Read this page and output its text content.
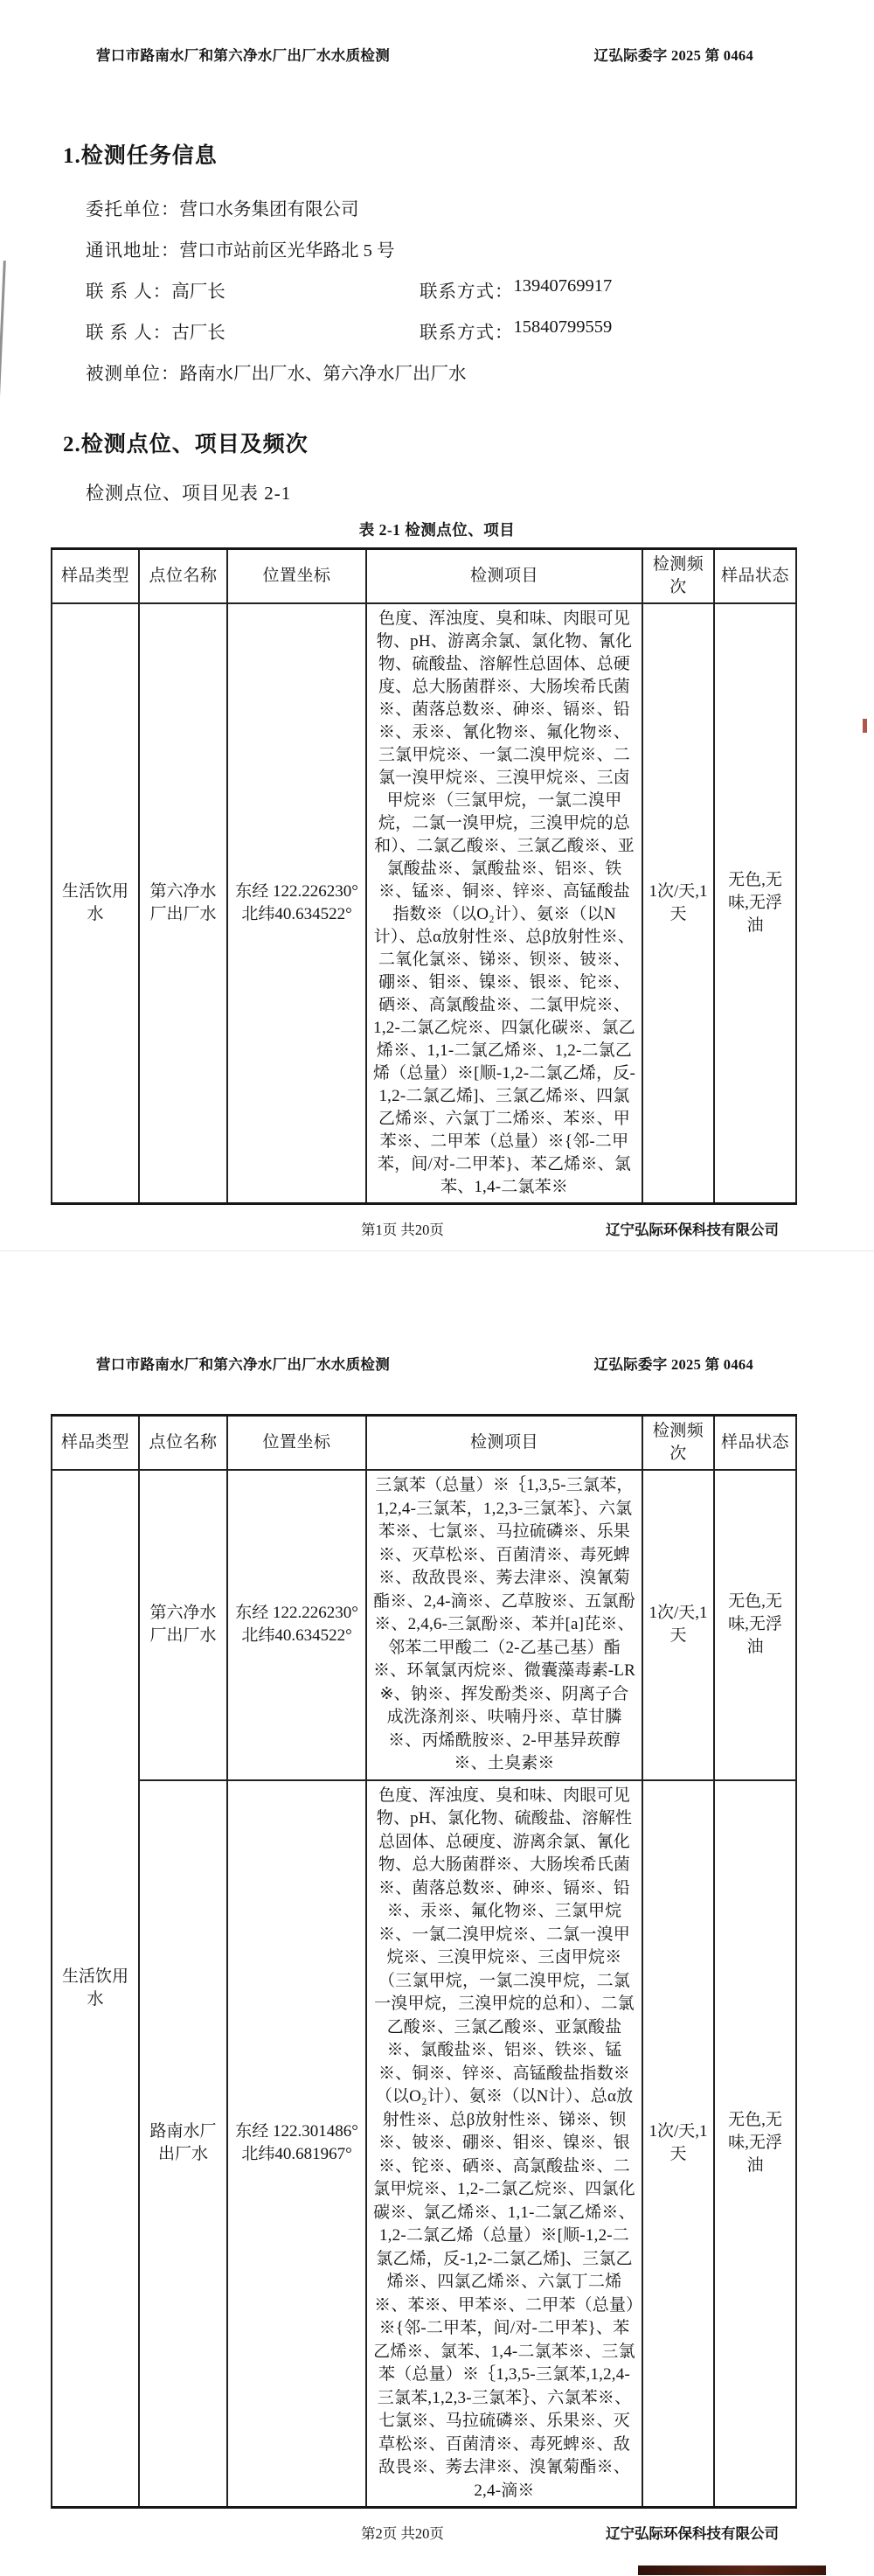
营口市路南水厂和第六净水厂出厂水水质检测	辽弘际委字 2025 第 0464
1.检测任务信息
委托单位： 营口水务集团有限公司
通讯地址： 营口市站前区光华路北 5 号
联 系 人： 高厂长	联系方式： 13940769917
联 系 人： 古厂长	联系方式： 15840799559
被测单位： 路南水厂出厂水、第六净水厂出厂水
2.检测点位、项目及频次
检测点位、项目见表 2-1
表 2-1 检测点位、项目
样品类型	点位名称	位置坐标	检测项目	检测频次	样品状态
生活饮用水	第六净水厂出厂水	东经 122.226230°
北纬40.634522°	色度、浑浊度、臭和味、肉眼可见物、pH、游离余氯、氯化物、氰化物、硫酸盐、溶解性总固体、总硬度、总大肠菌群※、大肠埃希氏菌※、菌落总数※、砷※、镉※、铅※、汞※、氰化物※、氟化物※、三氯甲烷※、一氯二溴甲烷※、二氯一溴甲烷※、三溴甲烷※、三卤甲烷※（三氯甲烷，一氯二溴甲烷，二氯一溴甲烷，三溴甲烷的总和）、二氯乙酸※、三氯乙酸※、亚氯酸盐※、氯酸盐※、铝※、铁※、锰※、铜※、锌※、高锰酸盐指数※（以O₂计）、氨※（以N计）、总α放射性※、总β放射性※、二氧化氯※、锑※、钡※、铍※、硼※、钼※、镍※、银※、铊※、硒※、高氯酸盐※、二氯甲烷※、1,2-二氯乙烷※、四氯化碳※、氯乙烯※、1,1-二氯乙烯※、1,2-二氯乙烯（总量）※[顺-1,2-二氯乙烯，反-1,2-二氯乙烯]、三氯乙烯※、四氯乙烯※、六氯丁二烯※、苯※、甲苯※、二甲苯（总量）※{邻-二甲苯，间/对-二甲苯}、苯乙烯※、氯苯、1,4-二氯苯※	1次/天,1天	无色,无味,无浮油
第1页 共20页	辽宁弘际环保科技有限公司
营口市路南水厂和第六净水厂出厂水水质检测	辽弘际委字 2025 第 0464
样品类型	点位名称	位置坐标	检测项目	检测频次	样品状态
生活饮用水	第六净水厂出厂水	东经 122.226230°
北纬40.634522°	三氯苯（总量）※｛1,3,5-三氯苯，1,2,4-三氯苯，1,2,3-三氯苯｝、六氯苯※、七氯※、马拉硫磷※、乐果※、灭草松※、百菌清※、毒死蜱※、敌敌畏※、莠去津※、溴氰菊酯※、2,4-滴※、乙草胺※、五氯酚※、2,4,6-三氯酚※、苯并[a]芘※、邻苯二甲酸二（2-乙基己基）酯※、环氧氯丙烷※、微囊藻毒素-LR※、钠※、挥发酚类※、阴离子合成洗涤剂※、呋喃丹※、草甘膦※、丙烯酰胺※、2-甲基异莰醇※、土臭素※	1次/天,1天	无色,无味,无浮油
	路南水厂出厂水	东经 122.301486°
北纬40.681967°	色度、浑浊度、臭和味、肉眼可见物、pH、氯化物、硫酸盐、溶解性总固体、总硬度、游离余氯、氰化物、总大肠菌群※、大肠埃希氏菌※、菌落总数※、砷※、镉※、铅※、汞※、氟化物※、三氯甲烷※、一氯二溴甲烷※、二氯一溴甲烷※、三溴甲烷※、三卤甲烷※（三氯甲烷，一氯二溴甲烷，二氯一溴甲烷，三溴甲烷的总和）、二氯乙酸※、三氯乙酸※、亚氯酸盐※、氯酸盐※、铝※、铁※、锰※、铜※、锌※、高锰酸盐指数※（以O₂计）、氨※（以N计）、总α放射性※、总β放射性※、锑※、钡※、铍※、硼※、钼※、镍※、银※、铊※、硒※、高氯酸盐※、二氯甲烷※、1,2-二氯乙烷※、四氯化碳※、氯乙烯※、1,1-二氯乙烯※、1,2-二氯乙烯（总量）※[顺-1,2-二氯乙烯，反-1,2-二氯乙烯]、三氯乙烯※、四氯乙烯※、六氯丁二烯※、苯※、甲苯※、二甲苯（总量）※{邻-二甲苯，间/对-二甲苯}、苯乙烯※、氯苯、1,4-二氯苯※、三氯苯（总量）※｛1,3,5-三氯苯,1,2,4-三氯苯,1,2,3-三氯苯｝、六氯苯※、七氯※、马拉硫磷※、乐果※、灭草松※、百菌清※、毒死蜱※、敌敌畏※、莠去津※、溴氰菊酯※、2,4-滴※	1次/天,1天	无色,无味,无浮油
第2页 共20页	辽宁弘际环保科技有限公司
